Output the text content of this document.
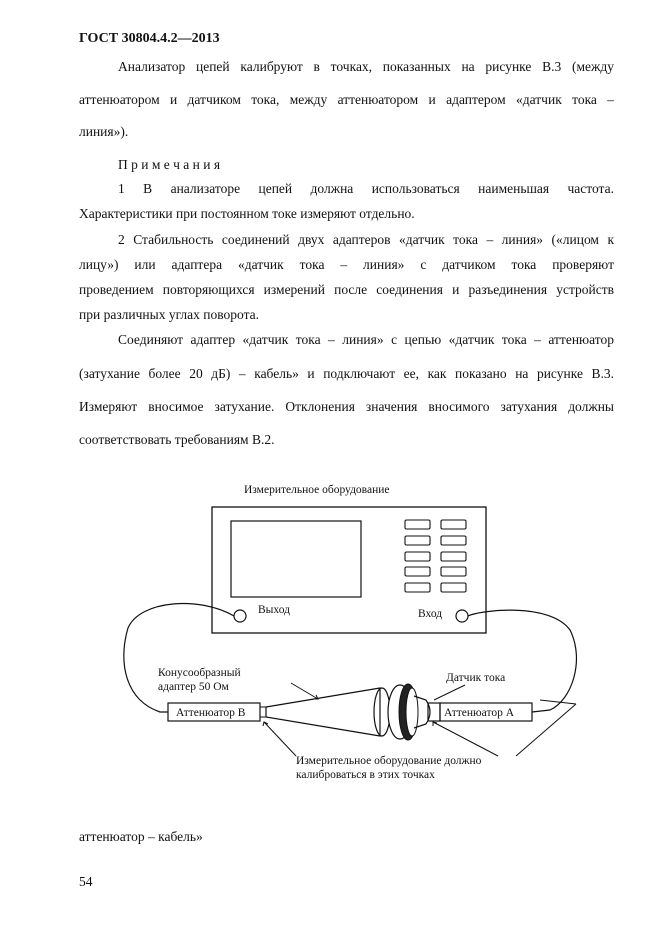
ГОСТ 30804.4.2—2013
Анализатор цепей калибруют в точках, показанных на рисунке В.3 (между
аттенюатором и датчиком тока, между аттенюатором и адаптером «датчик тока –
линия»).
П р и м е ч а н и я
1 В анализаторе цепей должна использоваться наименьшая частота.
Характеристики при постоянном токе измеряют отдельно.
2 Стабильность соединений двух адаптеров «датчик тока – линия» («лицом к
лицу») или адаптера «датчик тока – линия» с датчиком тока проверяют
проведением повторяющихся измерений после соединения и разъединения устройств
при различных углах поворота.
Соединяют адаптер «датчик тока – линия» с цепью «датчик тока – аттенюатор
(затухание более 20 дБ) – кабель» и подключают ее, как показано на рисунке В.3.
Измеряют вносимое затухание. Отклонения значения вносимого затухания должны
соответствовать требованиям В.2.
Измерительное оборудование
Выход	Вход
Аттенюатор В	Аттенюатор А
Конусообразный
адаптер 50 Ом
Датчик тока
Измерительное оборудование должно
калиброваться в этих точках
аттенюатор – кабель»
54
